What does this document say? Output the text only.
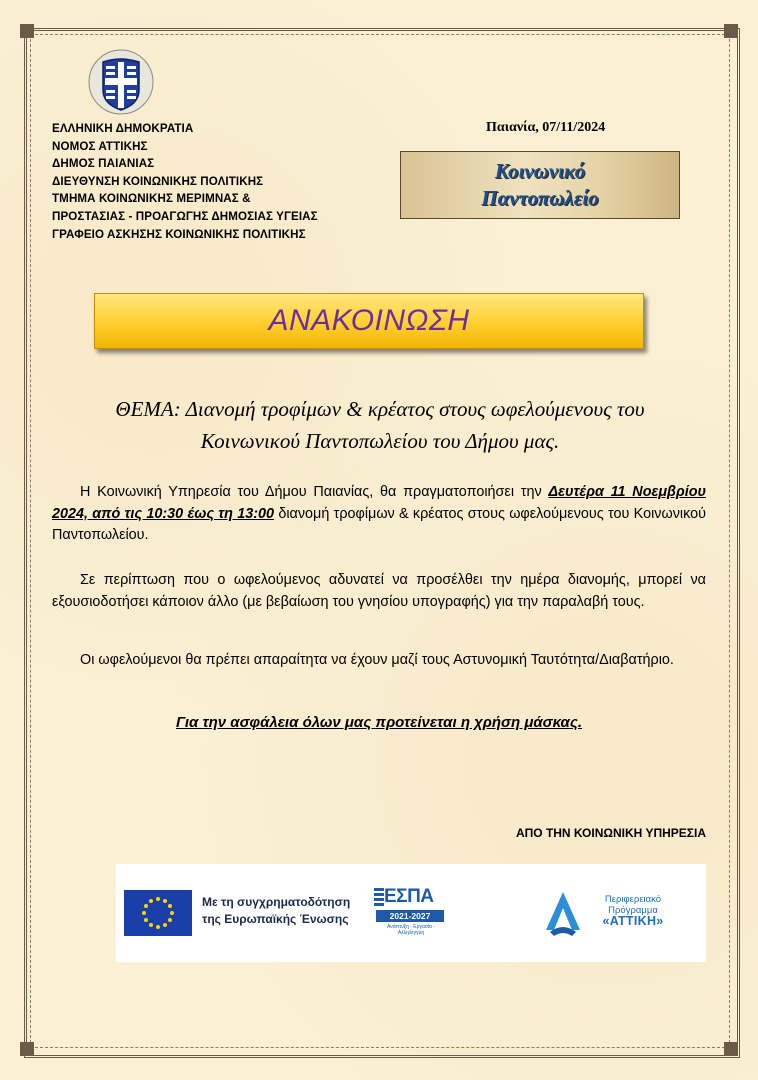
ΕΛΛΗΝΙΚΗ ΔΗΜΟΚΡΑΤΙΑ
ΝΟΜΟΣ ΑΤΤΙΚΗΣ
ΔΗΜΟΣ ΠΑΙΑΝΙΑΣ
ΔΙΕΥΘΥΝΣΗ ΚΟΙΝΩΝΙΚΗΣ ΠΟΛΙΤΙΚΗΣ
ΤΜΗΜΑ ΚΟΙΝΩΝΙΚΗΣ ΜΕΡΙΜΝΑΣ &
ΠΡΟΣΤΑΣΙΑΣ - ΠΡΟΑΓΩΓΗΣ ΔΗΜΟΣΙΑΣ ΥΓΕΙΑΣ
ΓΡΑΦΕΙΟ ΑΣΚΗΣΗΣ ΚΟΙΝΩΝΙΚΗΣ ΠΟΛΙΤΙΚΗΣ
Παιανία, 07/11/2024
Κοινωνικό
Παντοπωλείο
ΑΝΑΚΟΙΝΩΣΗ
ΘΕΜΑ: Διανομή τροφίμων & κρέατος στους ωφελούμενους του
Κοινωνικού Παντοπωλείου του Δήμου μας.
Η Κοινωνική Υπηρεσία του Δήμου Παιανίας, θα πραγματοποιήσει την Δευτέρα 11 Νοεμβρίου 2024, από τις 10:30 έως τη 13:00 διανομή τροφίμων & κρέατος στους ωφελούμενους του Κοινωνικού Παντοπωλείου.
Σε περίπτωση που ο ωφελούμενος αδυνατεί να προσέλθει την ημέρα διανομής, μπορεί να εξουσιοδοτήσει κάποιον άλλο (με βεβαίωση του γνησίου υπογραφής) για την παραλαβή τους.
Οι ωφελούμενοι θα πρέπει απαραίτητα να έχουν μαζί τους Αστυνομική Ταυτότητα/Διαβατήριο.
Για την ασφάλεια όλων μας προτείνεται η χρήση μάσκας.
ΑΠΟ ΤΗΝ ΚΟΙΝΩΝΙΚΗ ΥΠΗΡΕΣΙΑ
Με τη συγχρηματοδότηση
της Ευρωπαϊκής Ένωσης
ΕΣΠΑ
2021-2027
Ανάπτυξη - Εργασία - Αλληλεγγύη
Περιφερειακό
Πρόγραμμα
«ΑΤΤΙΚΗ»
